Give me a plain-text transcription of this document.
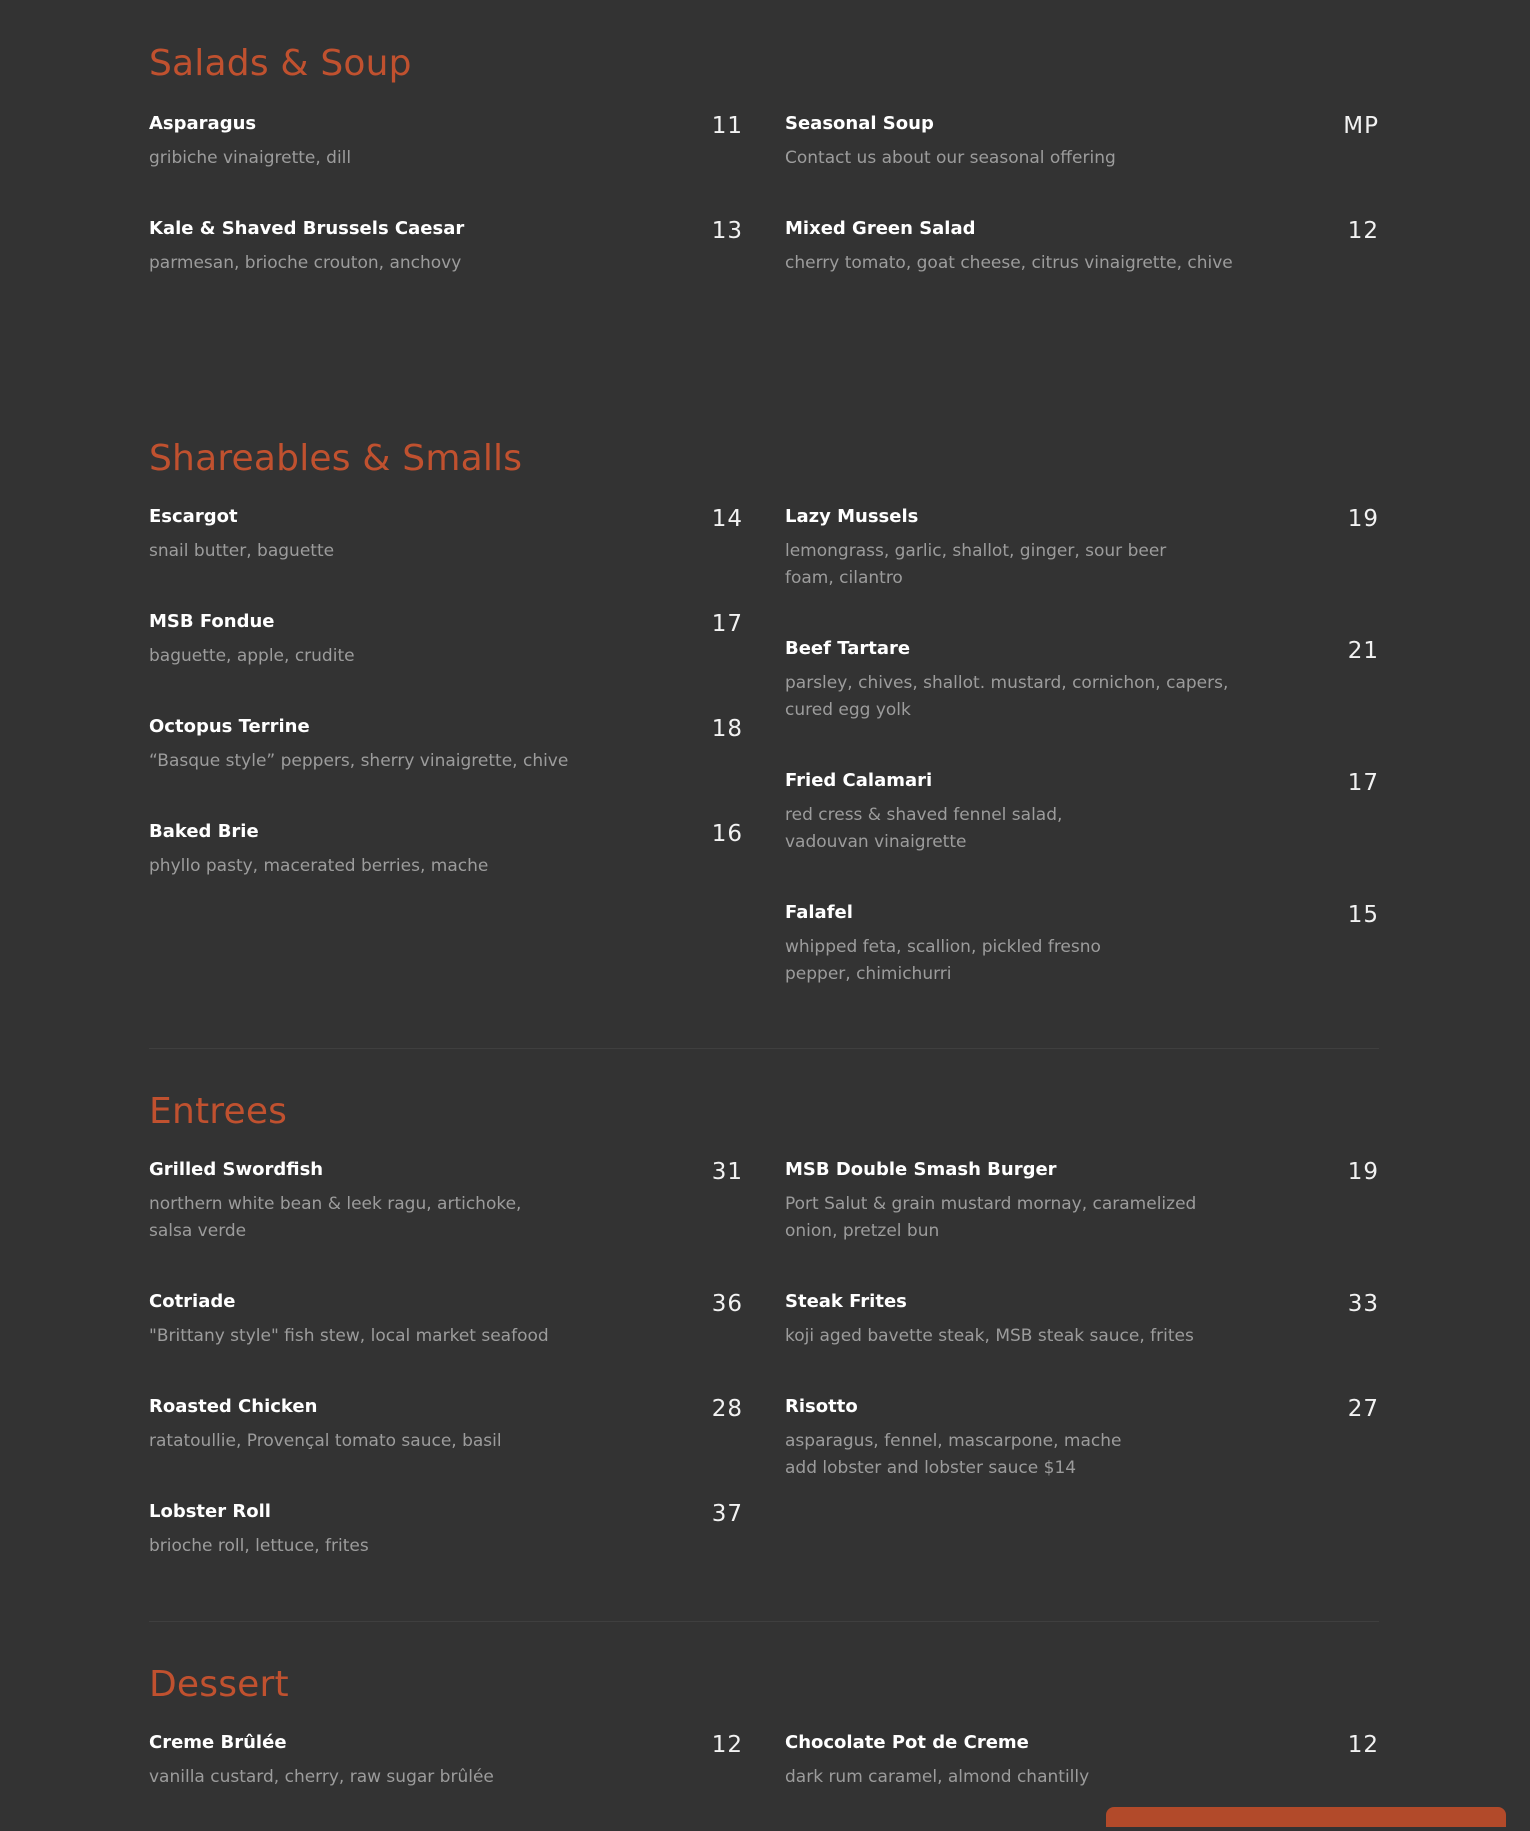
Salads & Soup
Asparagus	11
gribiche vinaigrette, dill
Kale & Shaved Brussels Caesar	13
parmesan, brioche crouton, anchovy
Seasonal Soup	MP
Contact us about our seasonal offering
Mixed Green Salad	12
cherry tomato, goat cheese, citrus vinaigrette, chive
Shareables & Smalls
Escargot	14
snail butter, baguette
MSB Fondue	17
baguette, apple, crudite
Octopus Terrine	18
“Basque style” peppers, sherry vinaigrette, chive
Baked Brie	16
phyllo pasty, macerated berries, mache
Lazy Mussels	19
lemongrass, garlic, shallot, ginger, sour beer foam, cilantro
Beef Tartare	21
parsley, chives, shallot. mustard, cornichon, capers, cured egg yolk
Fried Calamari	17
red cress & shaved fennel salad, vadouvan vinaigrette
Falafel	15
whipped feta, scallion, pickled fresno pepper, chimichurri
Entrees
Grilled Swordfish	31
northern white bean & leek ragu, artichoke, salsa verde
Cotriade	36
"Brittany style" fish stew, local market seafood
Roasted Chicken	28
ratatoullie, Provençal tomato sauce, basil
Lobster Roll	37
brioche roll, lettuce, frites
MSB Double Smash Burger	19
Port Salut & grain mustard mornay, caramelized onion, pretzel bun
Steak Frites	33
koji aged bavette steak, MSB steak sauce, frites
Risotto	27
asparagus, fennel, mascarpone, mache
add lobster and lobster sauce $14
Dessert
Creme Brûlée	12
vanilla custard, cherry, raw sugar brûlée
Chocolate Pot de Creme	12
dark rum caramel, almond chantilly
